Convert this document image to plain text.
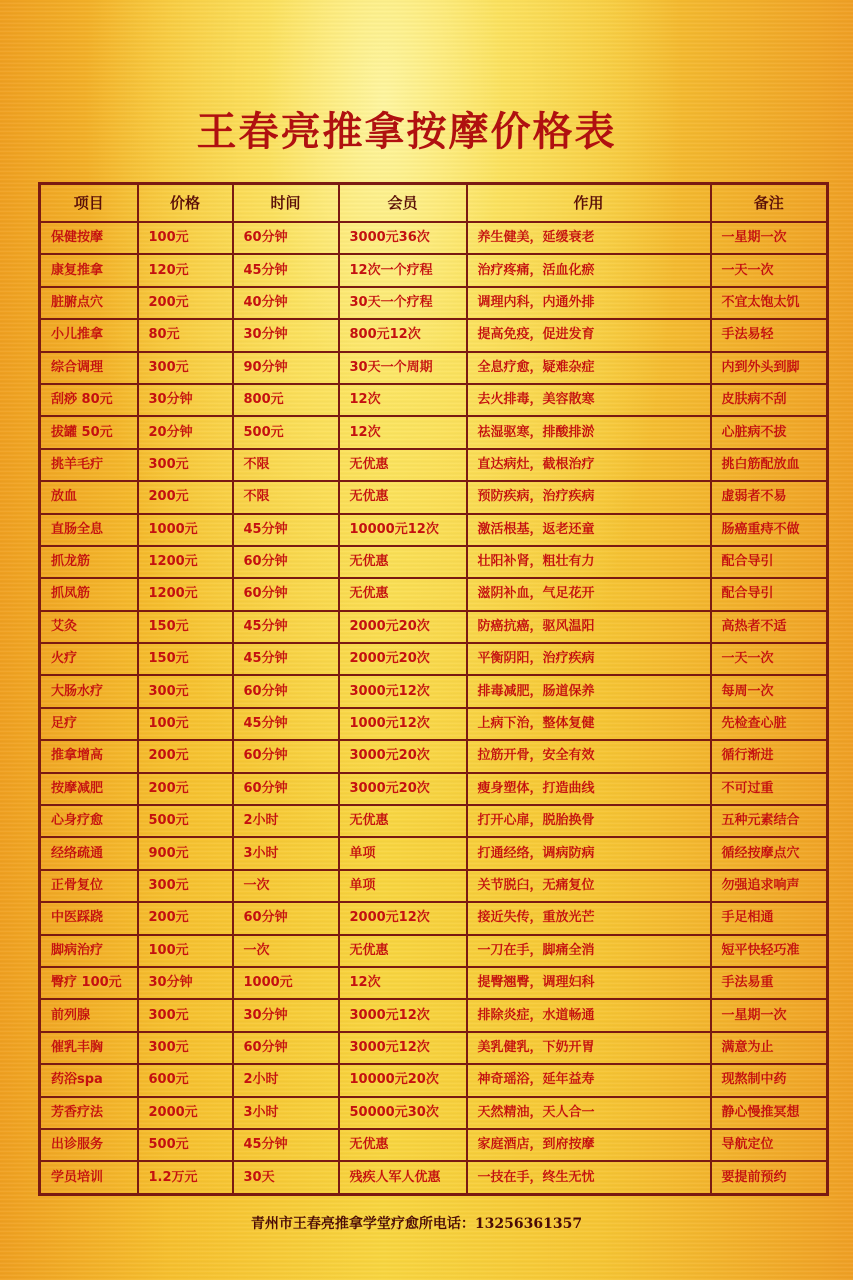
王春亮推拿按摩价格表
项目	价格	时间	会员	作用	备注
保健按摩	100元	60分钟	3000元36次	养生健美，延缓衰老	一星期一次
康复推拿	120元	45分钟	12次一个疗程	治疗疼痛，活血化瘀	一天一次
脏腑点穴	200元	40分钟	30天一个疗程	调理内科，内通外排	不宜太饱太饥
小儿推拿	80元	30分钟	800元12次	提高免疫，促进发育	手法易轻
综合调理	300元	90分钟	30天一个周期	全息疗愈，疑难杂症	内到外头到脚
刮痧 80元	30分钟	800元	12次	去火排毒，美容散寒	皮肤病不刮
拔罐 50元	20分钟	500元	12次	祛湿驱寒，排酸排淤	心脏病不拔
挑羊毛疔	300元	不限	无优惠	直达病灶，截根治疗	挑白筋配放血
放血	200元	不限	无优惠	预防疾病，治疗疾病	虚弱者不易
直肠全息	1000元	45分钟	10000元12次	激活根基，返老还童	肠癌重痔不做
抓龙筋	1200元	60分钟	无优惠	壮阳补肾，粗壮有力	配合导引
抓凤筋	1200元	60分钟	无优惠	滋阴补血，气足花开	配合导引
艾灸	150元	45分钟	2000元20次	防癌抗癌，驱风温阳	高热者不适
火疗	150元	45分钟	2000元20次	平衡阴阳，治疗疾病	一天一次
大肠水疗	300元	60分钟	3000元12次	排毒减肥，肠道保养	每周一次
足疗	100元	45分钟	1000元12次	上病下治，整体复健	先检查心脏
推拿增高	200元	60分钟	3000元20次	拉筋开骨，安全有效	循行渐进
按摩减肥	200元	60分钟	3000元20次	瘦身塑体，打造曲线	不可过重
心身疗愈	500元	2小时	无优惠	打开心扉，脱胎换骨	五种元素结合
经络疏通	900元	3小时	单项	打通经络，调病防病	循经按摩点穴
正骨复位	300元	一次	单项	关节脱臼，无痛复位	勿强追求响声
中医踩跷	200元	60分钟	2000元12次	接近失传，重放光芒	手足相通
脚病治疗	100元	一次	无优惠	一刀在手，脚痛全消	短平快轻巧准
臀疗 100元	30分钟	1000元	12次	提臀翘臀，调理妇科	手法易重
前列腺	300元	30分钟	3000元12次	排除炎症，水道畅通	一星期一次
催乳丰胸	300元	60分钟	3000元12次	美乳健乳，下奶开胃	满意为止
药浴spa	600元	2小时	10000元20次	神奇瑶浴，延年益寿	现熬制中药
芳香疗法	2000元	3小时	50000元30次	天然精油，天人合一	静心慢推冥想
出诊服务	500元	45分钟	无优惠	家庭酒店，到府按摩	导航定位
学员培训	1.2万元	30天	残疾人军人优惠	一技在手，终生无忧	要提前预约
青州市王春亮推拿学堂疗愈所电话：13256361357
